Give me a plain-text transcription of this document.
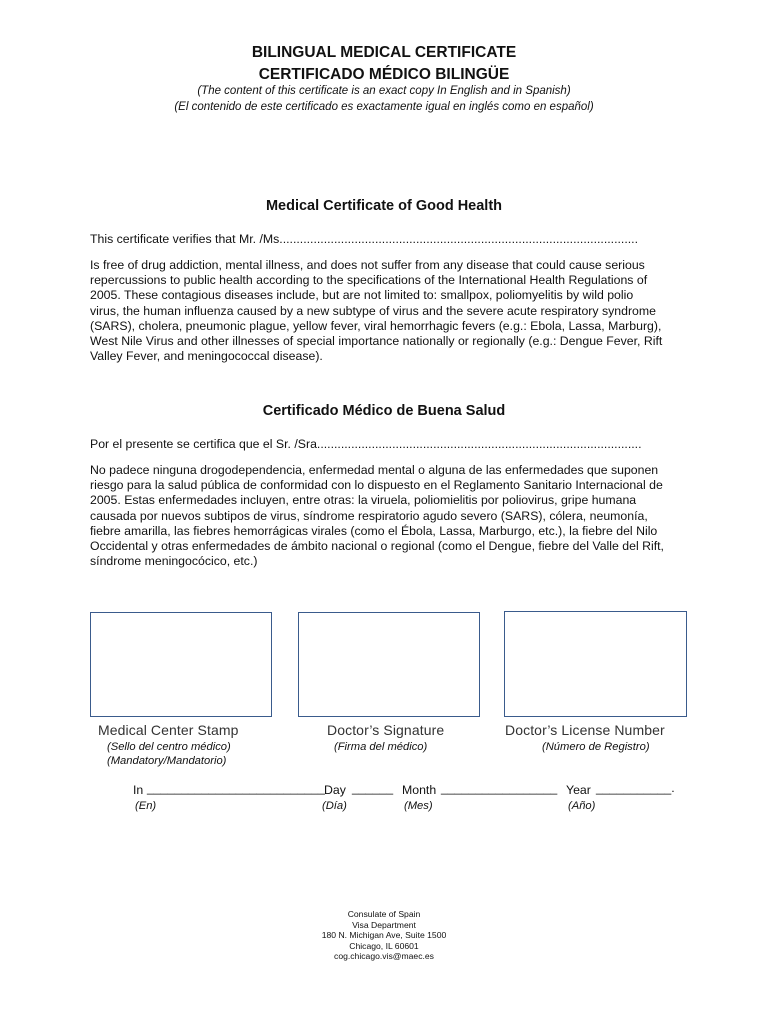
BILINGUAL MEDICAL CERTIFICATE
CERTIFICADO MÉDICO BILINGÜE
(The content of this certificate is an exact copy In English and in Spanish)
(El contenido de este certificado es exactamente igual en inglés como en español)
Medical Certificate of Good Health
This certificate verifies that Mr. /Ms.........................................................................................................
Is free of drug addiction, mental illness, and does not suffer from any disease that could cause serious
repercussions to public health according to the specifications of the International Health Regulations of
2005. These contagious diseases include, but are not limited to: smallpox, poliomyelitis by wild polio
virus, the human influenza caused by a new subtype of virus and the severe acute respiratory syndrome
(SARS), cholera, pneumonic plague, yellow fever, viral hemorrhagic fevers (e.g.: Ebola, Lassa, Marburg),
West Nile Virus and other illnesses of special importance nationally or regionally (e.g.: Dengue Fever, Rift
Valley Fever, and meningococcal disease).
Certificado Médico de Buena Salud
Por el presente se certifica que el Sr. /Sra...............................................................................................
No padece ninguna drogodependencia, enfermedad mental o alguna de las enfermedades que suponen
riesgo para la salud pública de conformidad con lo dispuesto en el Reglamento Sanitario Internacional de
2005. Estas enfermedades incluyen, entre otras: la viruela, poliomielitis por poliovirus, gripe humana
causada por nuevos subtipos de virus, síndrome respiratorio agudo severo (SARS), cólera, neumonía,
fiebre amarilla, las fiebres hemorrágicas virales (como el Ébola, Lassa, Marburgo, etc.), la fiebre del Nilo
Occidental y otras enfermedades de ámbito nacional o regional (como el Dengue, fiebre del Valle del Rift,
síndrome meningocócico, etc.)
Medical Center Stamp
(Sello del centro médico)
(Mandatory/Mandatorio)
Doctor’s Signature
(Firma del médico)
Doctor’s License Number
(Número de Registro)
In __________________________ Day ______ Month _________________ Year ___________.
(En)	(Día)	(Mes)	(Año)
Consulate of Spain
Visa Department
180 N. Michigan Ave, Suite 1500
Chicago, IL 60601
cog.chicago.vis@maec.es
